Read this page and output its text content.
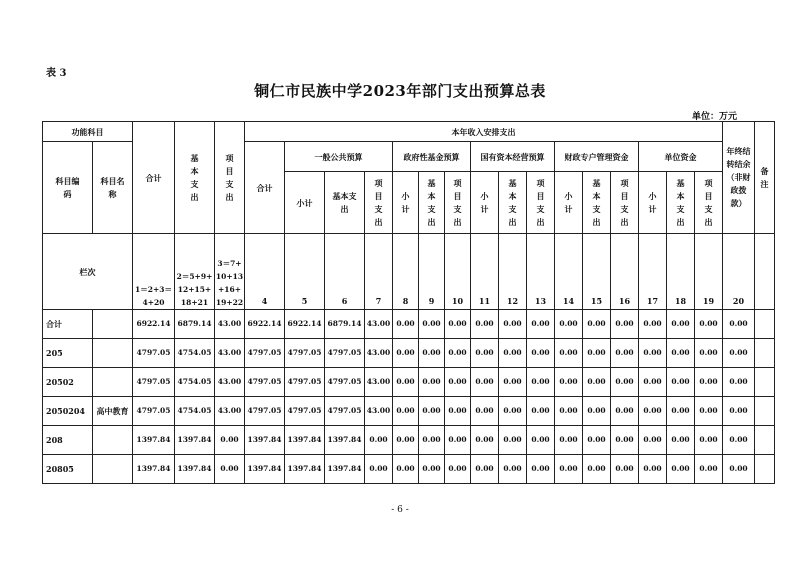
表 3
铜仁市民族中学2023年部门支出预算总表
单位：万元
功能科目		合计	基本支出	项目支出	本年收入安排支出																年终结转结余（非财政拨款）	备注
科目编码	科目名称				合计	一般公共预算			政府性基金预算			国有资本经营预算			财政专户管理资金			单位资金				
						小计	基本支出	项目支出	小计	基本支出	项目支出	小计	基本支出	项目支出	小计	基本支出	项目支出	小计	基本支出	项目支出		
栏次		1＝2+3＝4+20	2＝5+9+12+15+18+21	3＝7+10+13+16+19+22	4	5	6	7	8	9	10	11	12	13	14	15	16	17	18	19	20	
合计		6922.14	6879.14	43.00	6922.14	6922.14	6879.14	43.00	0.00	0.00	0.00	0.00	0.00	0.00	0.00	0.00	0.00	0.00	0.00	0.00	0.00	
205		4797.05	4754.05	43.00	4797.05	4797.05	4797.05	43.00	0.00	0.00	0.00	0.00	0.00	0.00	0.00	0.00	0.00	0.00	0.00	0.00	0.00	
20502		4797.05	4754.05	43.00	4797.05	4797.05	4797.05	43.00	0.00	0.00	0.00	0.00	0.00	0.00	0.00	0.00	0.00	0.00	0.00	0.00	0.00	
2050204	高中教育	4797.05	4754.05	43.00	4797.05	4797.05	4797.05	43.00	0.00	0.00	0.00	0.00	0.00	0.00	0.00	0.00	0.00	0.00	0.00	0.00	0.00	
208		1397.84	1397.84	0.00	1397.84	1397.84	1397.84	0.00	0.00	0.00	0.00	0.00	0.00	0.00	0.00	0.00	0.00	0.00	0.00	0.00	0.00	
20805		1397.84	1397.84	0.00	1397.84	1397.84	1397.84	0.00	0.00	0.00	0.00	0.00	0.00	0.00	0.00	0.00	0.00	0.00	0.00	0.00	0.00	
- 6 -
